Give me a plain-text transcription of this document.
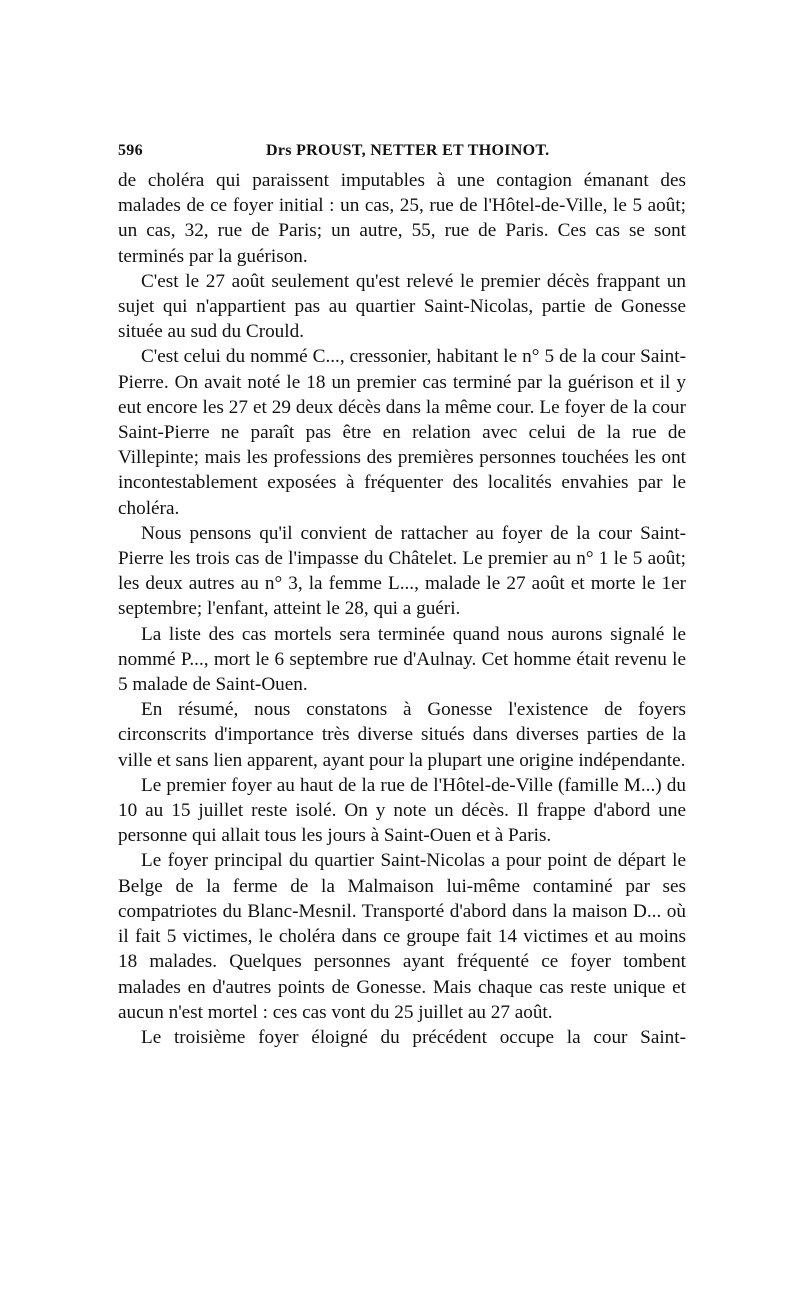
596	Drs PROUST, NETTER ET THOINOT.

de choléra qui paraissent imputables à une contagion émanant des malades de ce foyer initial : un cas, 25, rue de l'Hôtel-de-Ville, le 5 août; un cas, 32, rue de Paris; un autre, 55, rue de Paris. Ces cas se sont terminés par la guérison.

C'est le 27 août seulement qu'est relevé le premier décès frappant un sujet qui n'appartient pas au quartier Saint-Nicolas, partie de Gonesse située au sud du Crould.

C'est celui du nommé C..., cressonier, habitant le n° 5 de la cour Saint-Pierre. On avait noté le 18 un premier cas terminé par la guérison et il y eut encore les 27 et 29 deux décès dans la même cour. Le foyer de la cour Saint-Pierre ne paraît pas être en relation avec celui de la rue de Villepinte; mais les professions des premières personnes touchées les ont incontestablement exposées à fréquenter des localités envahies par le choléra.

Nous pensons qu'il convient de rattacher au foyer de la cour Saint-Pierre les trois cas de l'impasse du Châtelet. Le premier au n° 1 le 5 août; les deux autres au n° 3, la femme L..., malade le 27 août et morte le 1er septembre; l'enfant, atteint le 28, qui a guéri.

La liste des cas mortels sera terminée quand nous aurons signalé le nommé P..., mort le 6 septembre rue d'Aulnay. Cet homme était revenu le 5 malade de Saint-Ouen.

En résumé, nous constatons à Gonesse l'existence de foyers circonscrits d'importance très diverse situés dans diverses parties de la ville et sans lien apparent, ayant pour la plupart une origine indépendante.

Le premier foyer au haut de la rue de l'Hôtel-de-Ville (famille M...) du 10 au 15 juillet reste isolé. On y note un décès. Il frappe d'abord une personne qui allait tous les jours à Saint-Ouen et à Paris.

Le foyer principal du quartier Saint-Nicolas a pour point de départ le Belge de la ferme de la Malmaison lui-même contaminé par ses compatriotes du Blanc-Mesnil. Transporté d'abord dans la maison D... où il fait 5 victimes, le choléra dans ce groupe fait 14 victimes et au moins 18 malades. Quelques personnes ayant fréquenté ce foyer tombent malades en d'autres points de Gonesse. Mais chaque cas reste unique et aucun n'est mortel : ces cas vont du 25 juillet au 27 août.

Le troisième foyer éloigné du précédent occupe la cour Saint-
